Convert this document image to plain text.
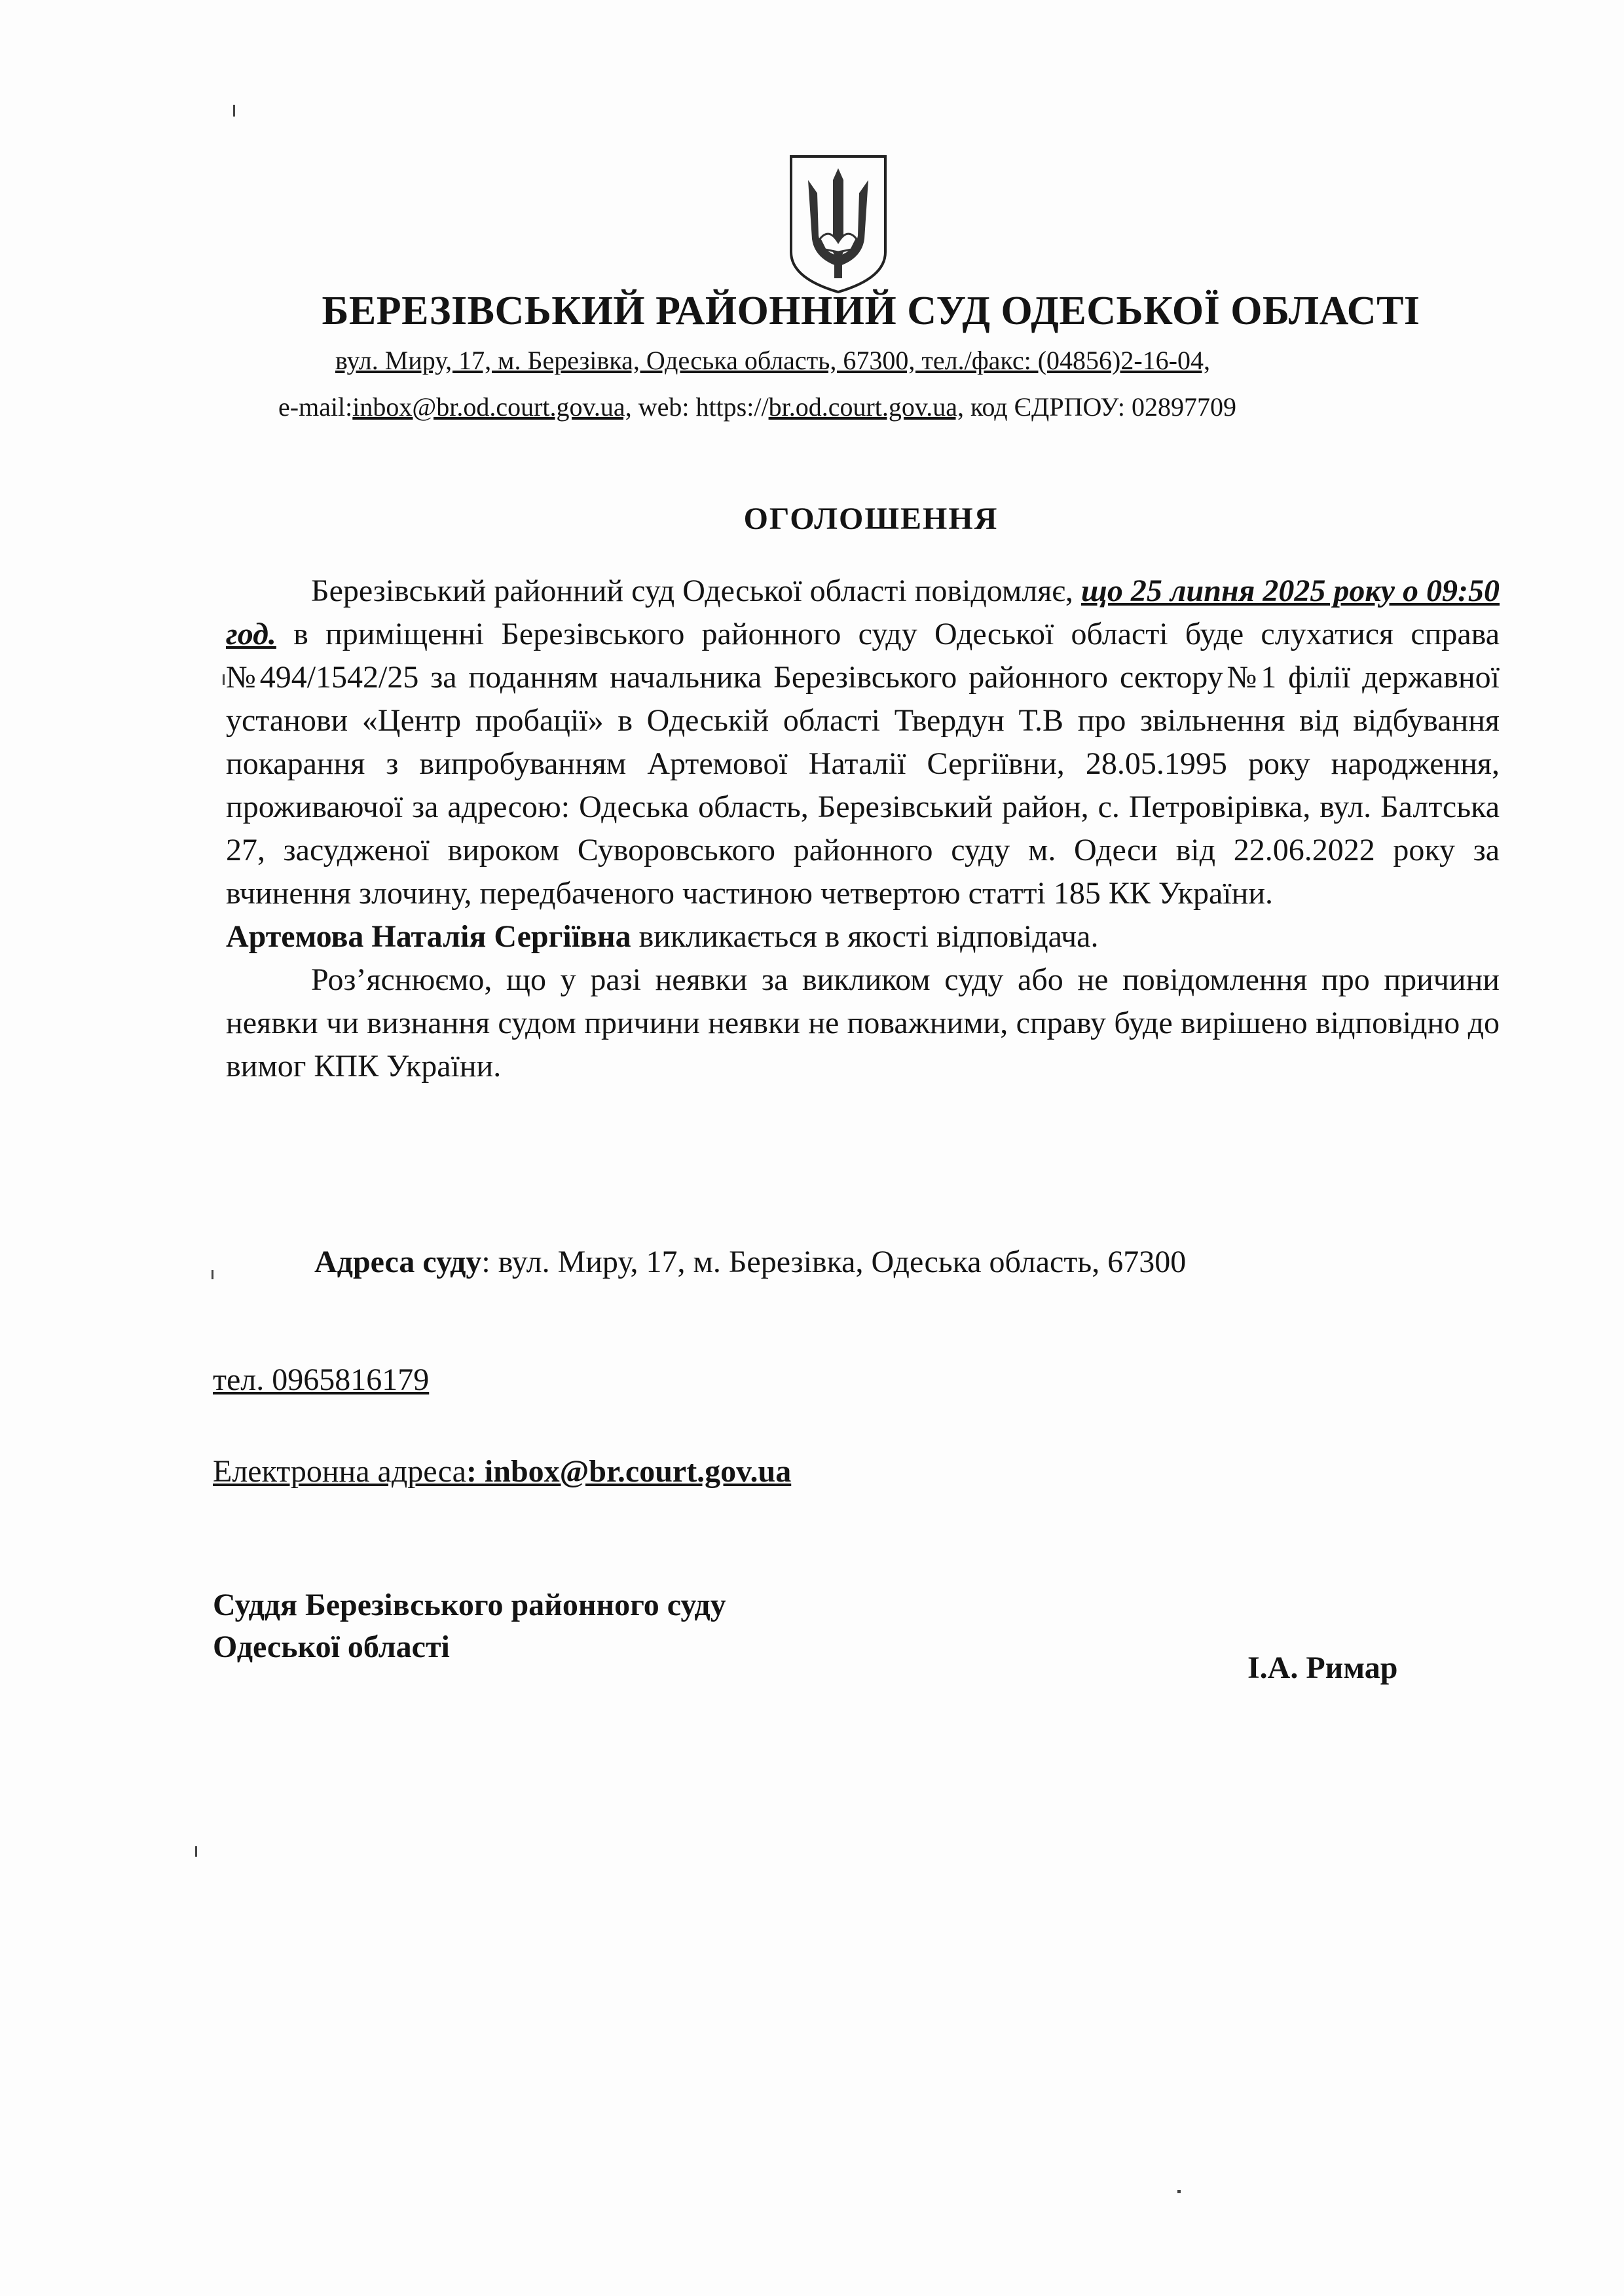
БЕРЕЗІВСЬКИЙ РАЙОННИЙ СУД ОДЕСЬКОЇ ОБЛАСТІ
вул. Миру, 17, м. Березівка, Одеська область, 67300, тел./факс: (04856)2-16-04,
e-mail:inbox@br.od.court.gov.ua, web: https://br.od.court.gov.ua, код ЄДРПОУ: 02897709
ОГОЛОШЕННЯ

Березівський районний суд Одеської області повідомляє, що 25 липня 2025 року о 09:50 год. в приміщенні Березівського районного суду Одеської області буде слухатися справа №494/1542/25 за поданням начальника Березівського районного сектору№1 філії державної установи «Центр пробації» в Одеській області Твердун Т.В про звільнення від відбування покарання з випробуванням Артемової Наталії Сергіївни, 28.05.1995 року народження, проживаючої за адресою: Одеська область, Березівський район, с. Петровірівка, вул. Балтська 27, засудженої вироком Суворовського районного суду м. Одеси від 22.06.2022 року за вчинення злочину, передбаченого частиною четвертою статті 185 КК України.

Артемова Наталія Сергіївна викликається в якості відповідача.

Роз’яснюємо, що у разі неявки за викликом суду або не повідомлення про причини неявки чи визнання судом причини неявки не поважними, справу буде вирішено відповідно до вимог КПК України.

Адреса суду: вул. Миру, 17, м. Березівка, Одеська область, 67300
тел. 0965816179
Електронна адреса: inbox@br.court.gov.ua
Суддя Березівського районного суду
Одеської області
І.А. Римар
